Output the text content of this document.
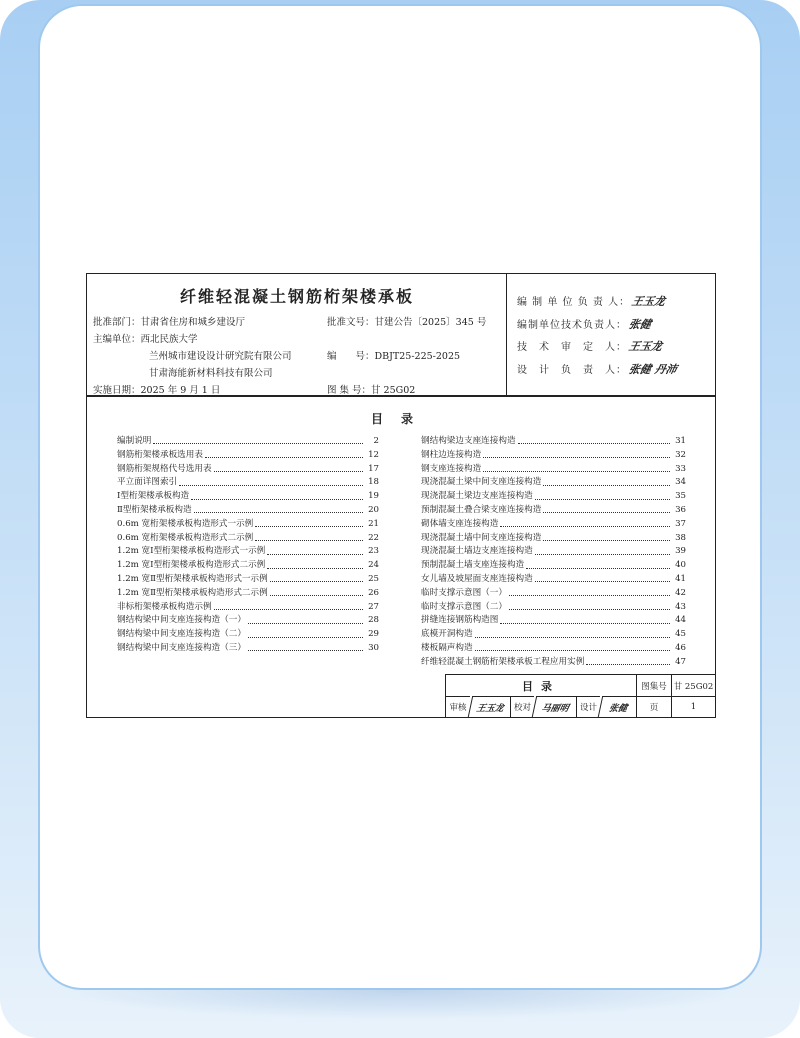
纤维轻混凝土钢筋桁架楼承板
批准部门：甘肃省住房和城乡建设厅	批准文号：甘建公告〔2025〕345 号
主编单位：西北民族大学
兰州城市建设设计研究院有限公司	编　　号：DBJT25-225-2025
甘肃海能新材料科技有限公司
实施日期：2025 年 9 月 1 日	图 集 号：甘 25G02
编 制 单 位 负 责 人：王玉龙
编制单位技术负责人：张健
技　术　审　定　人：王玉龙
设　计　负　责　人：张健 丹沛
目录
编制说明	2
钢筋桁架楼承板选用表	12
钢筋桁架规格代号选用表	17
平立面详图索引	18
Ⅰ型桁架楼承板构造	19
Ⅱ型桁架楼承板构造	20
0.6m 宽桁架楼承板构造形式一示例	21
0.6m 宽桁架楼承板构造形式二示例	22
1.2m 宽Ⅰ型桁架楼承板构造形式一示例	23
1.2m 宽Ⅰ型桁架楼承板构造形式二示例	24
1.2m 宽Ⅱ型桁架楼承板构造形式一示例	25
1.2m 宽Ⅱ型桁架楼承板构造形式二示例	26
非标桁架楼承板构造示例	27
钢结构梁中间支座连接构造（一）	28
钢结构梁中间支座连接构造（二）	29
钢结构梁中间支座连接构造（三）	30
钢结构梁边支座连接构造	31
钢柱边连接构造	32
钢支座连接构造	33
现浇混凝土梁中间支座连接构造	34
现浇混凝土梁边支座连接构造	35
预制混凝土叠合梁支座连接构造	36
砌体墙支座连接构造	37
现浇混凝土墙中间支座连接构造	38
现浇混凝土墙边支座连接构造	39
预制混凝土墙支座连接构造	40
女儿墙及坡屋面支座连接构造	41
临时支撑示意图（一）	42
临时支撑示意图（二）	43
拼缝连接钢筋构造图	44
底模开洞构造	45
楼板隔声构造	46
纤维轻混凝土钢筋桁架楼承板工程应用实例	47
目录	图集号 甘 25G02
审核 王玉龙	校对	马丽明	设计	张健	页	1
